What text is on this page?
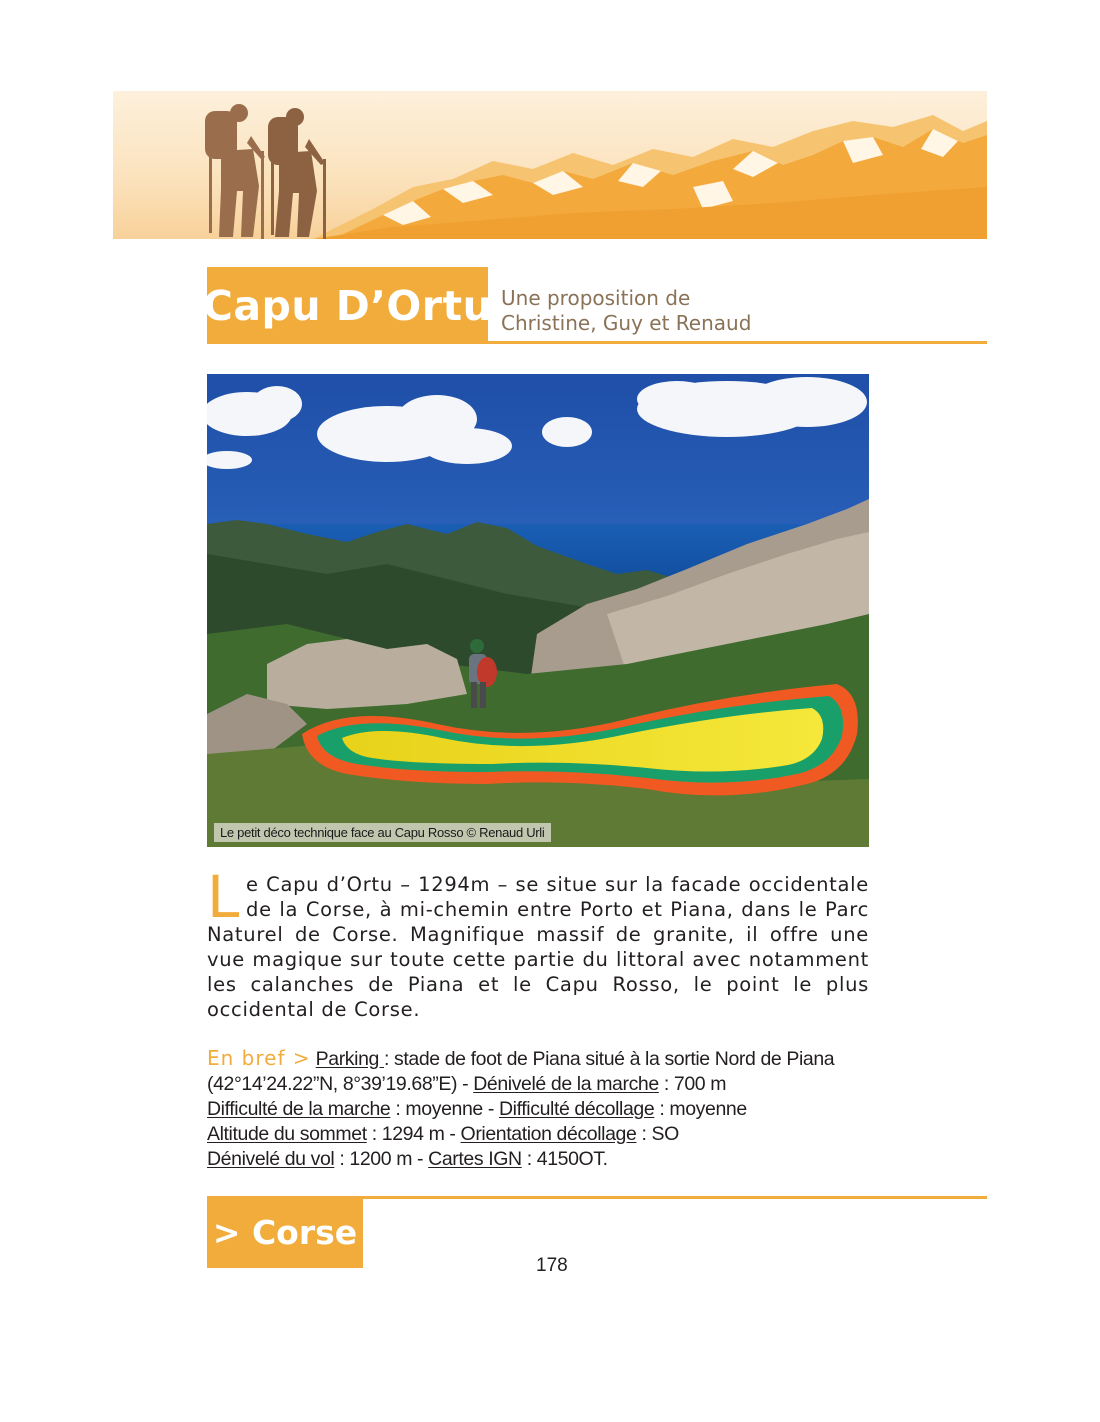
Capu D’Ortu Une proposition de
Christine, Guy et Renaud
Le petit déco technique face au Capu Rosso © Renaud Urli
Le Capu d’Ortu – 1294m – se situe sur la facade occidentale de la Corse, à mi-chemin entre Porto et Piana, dans le Parc Naturel de Corse. Magnifique massif de granite, il offre une vue magique sur toute cette partie du littoral avec notamment les calanches de Piana et le Capu Rosso, le point le plus occidental de Corse.
En bref > Parking : stade de foot de Piana situé à la sortie Nord de Piana (42°14’24.22”N, 8°39’19.68”E) - Dénivelé de la marche : 700 m
Difficulté de la marche : moyenne - Difficulté décollage : moyenne
Altitude du sommet : 1294 m - Orientation décollage : SO
Dénivelé du vol : 1200 m - Cartes IGN : 4150OT.
> Corse
178
